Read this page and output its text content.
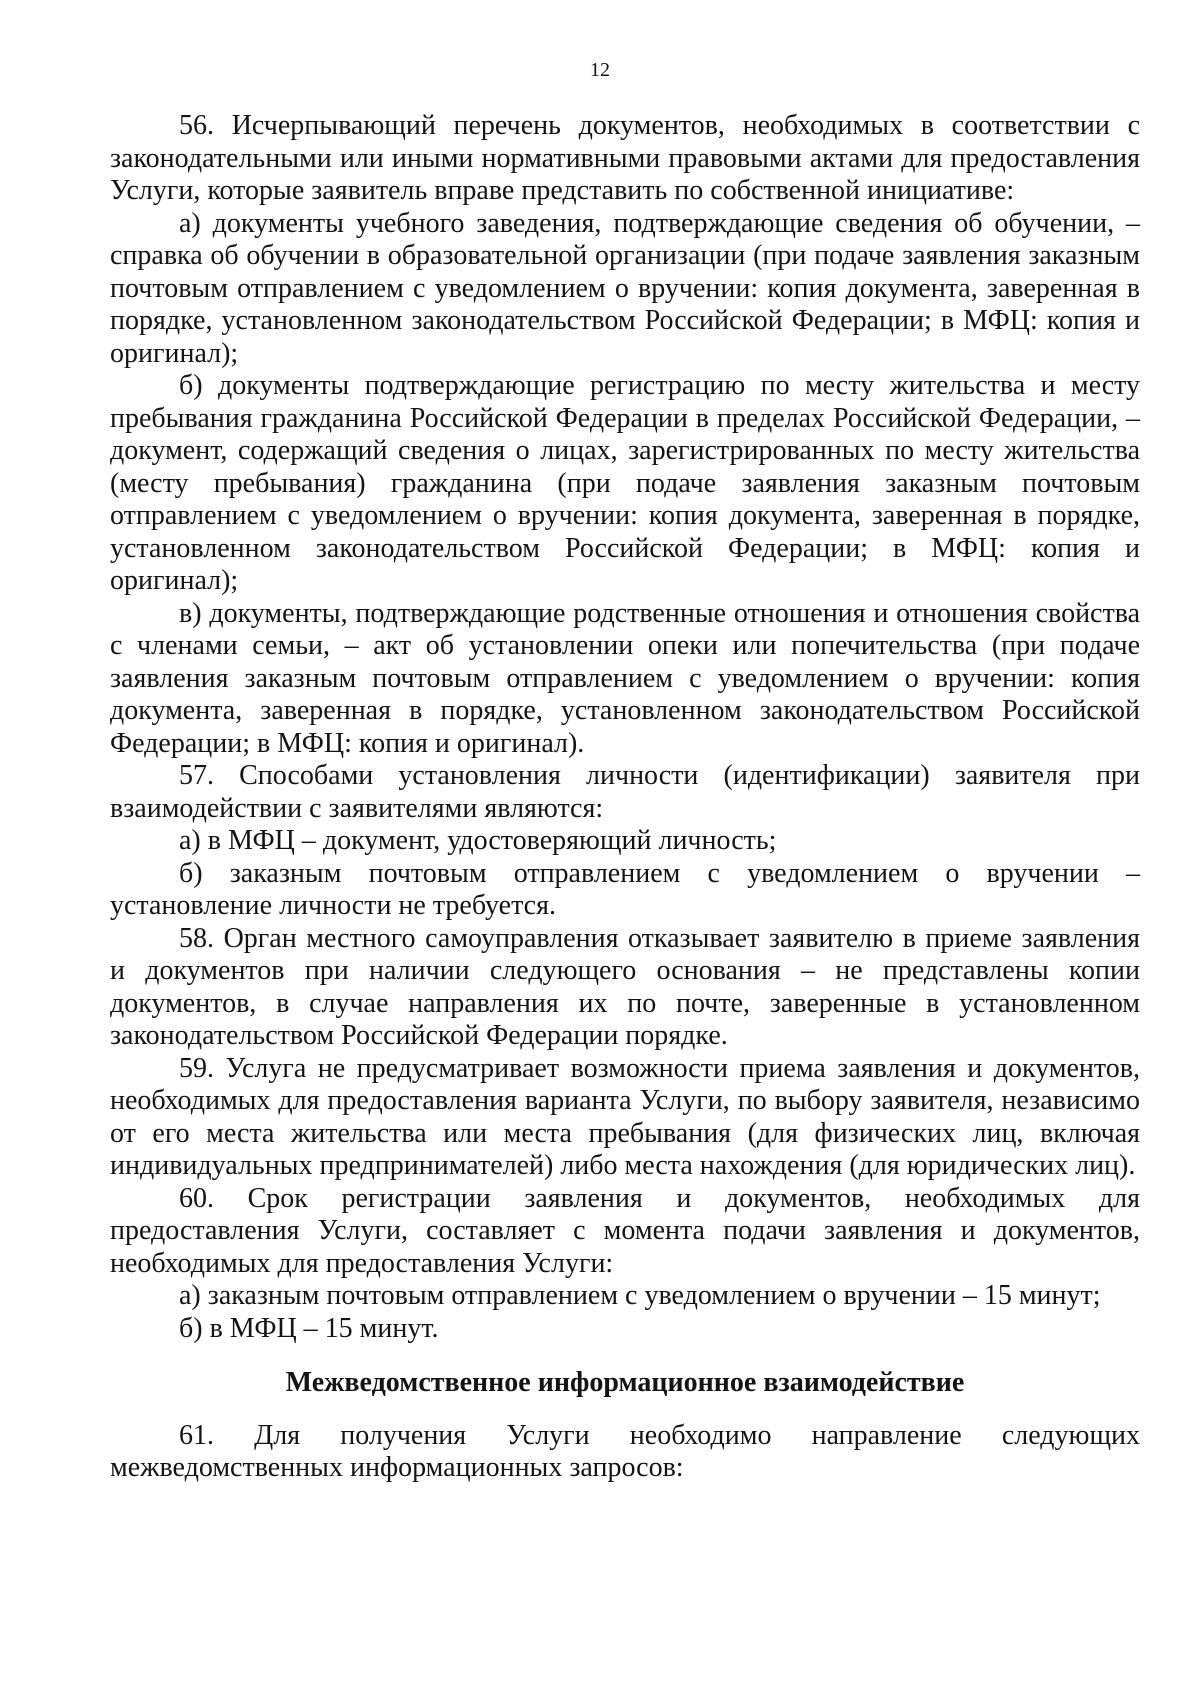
12

56. Исчерпывающий перечень документов, необходимых в соответствии с законодательными или иными нормативными правовыми актами для предоставления Услуги, которые заявитель вправе представить по собственной инициативе:

а) документы учебного заведения, подтверждающие сведения об обучении, – справка об обучении в образовательной организации (при подаче заявления заказным почтовым отправлением с уведомлением о вручении: копия документа, заверенная в порядке, установленном законодательством Российской Федерации; в МФЦ: копия и оригинал);

б) документы подтверждающие регистрацию по месту жительства и месту пребывания гражданина Российской Федерации в пределах Российской Федерации, – документ, содержащий сведения о лицах, зарегистрированных по месту жительства (месту пребывания) гражданина (при подаче заявления заказным почтовым отправлением с уведомлением о вручении: копия документа, заверенная в порядке, установленном законодательством Российской Федерации; в МФЦ: копия и оригинал);

в) документы, подтверждающие родственные отношения и отношения свойства с членами семьи, – акт об установлении опеки или попечительства (при подаче заявления заказным почтовым отправлением с уведомлением о вручении: копия документа, заверенная в порядке, установленном законодательством Российской Федерации; в МФЦ: копия и оригинал).

57. Способами установления личности (идентификации) заявителя при взаимодействии с заявителями являются:

а) в МФЦ – документ, удостоверяющий личность;

б) заказным почтовым отправлением с уведомлением о вручении – установление личности не требуется.

58. Орган местного самоуправления отказывает заявителю в приеме заявления и документов при наличии следующего основания – не представлены копии документов, в случае направления их по почте, заверенные в установленном законодательством Российской Федерации порядке.

59. Услуга не предусматривает возможности приема заявления и документов, необходимых для предоставления варианта Услуги, по выбору заявителя, независимо от его места жительства или места пребывания (для физических лиц, включая индивидуальных предпринимателей) либо места нахождения (для юридических лиц).

60. Срок регистрации заявления и документов, необходимых для предоставления Услуги, составляет с момента подачи заявления и документов, необходимых для предоставления Услуги:

а) заказным почтовым отправлением с уведомлением о вручении – 15 минут;

б) в МФЦ – 15 минут.

Межведомственное информационное взаимодействие

61. Для получения Услуги необходимо направление следующих межведомственных информационных запросов:
